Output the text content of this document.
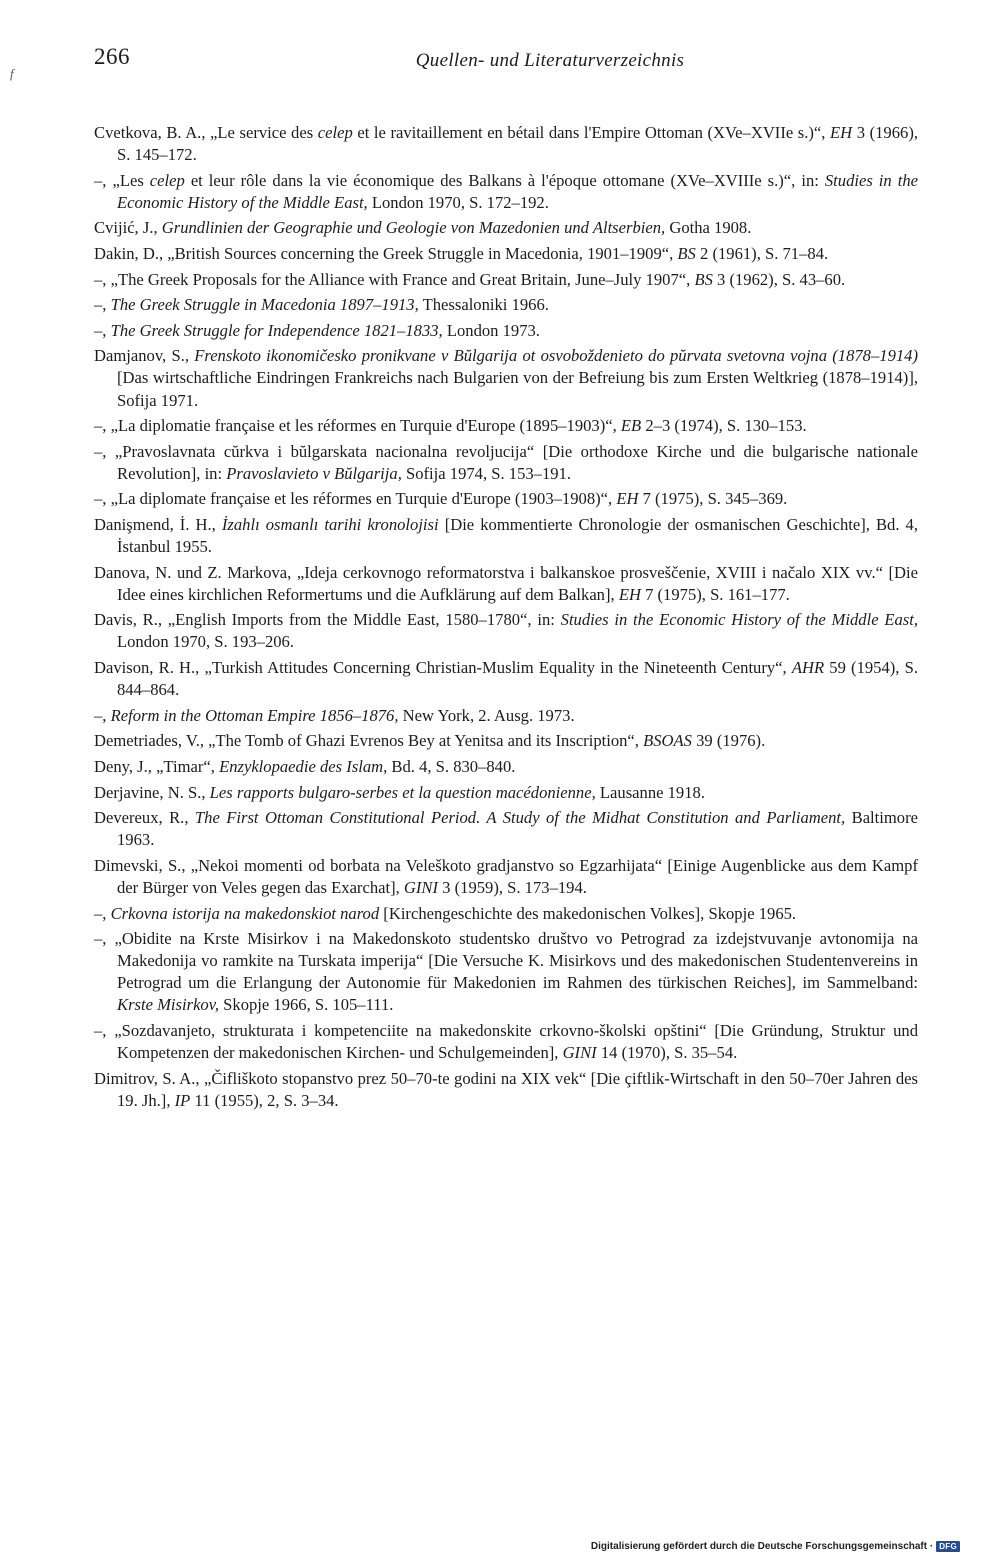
266	Quellen- und Literaturverzeichnis
f
Cvetkova, B. A., „Le service des celep et le ravitaillement en bétail dans l'Empire Ottoman (XVe–XVIIe s.)“, EH 3 (1966), S. 145–172.
–, „Les celep et leur rôle dans la vie économique des Balkans à l'époque ottomane (XVe–XVIIIe s.)“, in: Studies in the Economic History of the Middle East, London 1970, S. 172–192.
Cvijić, J., Grundlinien der Geographie und Geologie von Mazedonien und Altserbien, Gotha 1908.
Dakin, D., „British Sources concerning the Greek Struggle in Macedonia, 1901–1909“, BS 2 (1961), S. 71–84.
–, „The Greek Proposals for the Alliance with France and Great Britain, June–July 1907“, BS 3 (1962), S. 43–60.
–, The Greek Struggle in Macedonia 1897–1913, Thessaloniki 1966.
–, The Greek Struggle for Independence 1821–1833, London 1973.
Damjanov, S., Frenskoto ikonomičesko pronikvane v Bŭlgarija ot osvoboždenieto do pŭrvata svetovna vojna (1878–1914) [Das wirtschaftliche Eindringen Frankreichs nach Bulgarien von der Befreiung bis zum Ersten Weltkrieg (1878–1914)], Sofija 1971.
–, „La diplomatie française et les réformes en Turquie d'Europe (1895–1903)“, EB 2–3 (1974), S. 130–153.
–, „Pravoslavnata cŭrkva i bŭlgarskata nacionalna revoljucija“ [Die orthodoxe Kirche und die bulgarische nationale Revolution], in: Pravoslavieto v Bŭlgarija, Sofija 1974, S. 153–191.
–, „La diplomate française et les réformes en Turquie d'Europe (1903–1908)“, EH 7 (1975), S. 345–369.
Danişmend, İ. H., İzahlı osmanlı tarihi kronolojisi [Die kommentierte Chronologie der osmanischen Geschichte], Bd. 4, İstanbul 1955.
Danova, N. und Z. Markova, „Ideja cerkovnogo reformatorstva i balkanskoe prosveščenie, XVIII i načalo XIX vv.“ [Die Idee eines kirchlichen Reformertums und die Aufklärung auf dem Balkan], EH 7 (1975), S. 161–177.
Davis, R., „English Imports from the Middle East, 1580–1780“, in: Studies in the Economic History of the Middle East, London 1970, S. 193–206.
Davison, R. H., „Turkish Attitudes Concerning Christian-Muslim Equality in the Nineteenth Century“, AHR 59 (1954), S. 844–864.
–, Reform in the Ottoman Empire 1856–1876, New York, 2. Ausg. 1973.
Demetriades, V., „The Tomb of Ghazi Evrenos Bey at Yenitsa and its Inscription“, BSOAS 39 (1976).
Deny, J., „Timar“, Enzyklopaedie des Islam, Bd. 4, S. 830–840.
Derjavine, N. S., Les rapports bulgaro-serbes et la question macédonienne, Lausanne 1918.
Devereux, R., The First Ottoman Constitutional Period. A Study of the Midhat Constitution and Parliament, Baltimore 1963.
Dimevski, S., „Nekoi momenti od borbata na Veleškoto gradjanstvo so Egzarhijata“ [Einige Augenblicke aus dem Kampf der Bürger von Veles gegen das Exarchat], GINI 3 (1959), S. 173–194.
–, Crkovna istorija na makedonskiot narod [Kirchengeschichte des makedonischen Volkes], Skopje 1965.
–, „Obidite na Krste Misirkov i na Makedonskoto studentsko društvo vo Petrograd za izdejstvuvanje avtonomija na Makedonija vo ramkite na Turskata imperija“ [Die Versuche K. Misirkovs und des makedonischen Studentenvereins in Petrograd um die Erlangung der Autonomie für Makedonien im Rahmen des türkischen Reiches], im Sammelband: Krste Misirkov, Skopje 1966, S. 105–111.
–, „Sozdavanjeto, strukturata i kompetenciite na makedonskite crkovno-školski opštini“ [Die Gründung, Struktur und Kompetenzen der makedonischen Kirchen- und Schulgemeinden], GINI 14 (1970), S. 35–54.
Dimitrov, S. A., „Čifliškoto stopanstvo prez 50–70-te godini na XIX vek“ [Die çiftlik-Wirtschaft in den 50–70er Jahren des 19. Jh.], IP 11 (1955), 2, S. 3–34.
Digitalisierung gefördert durch die Deutsche Forschungsgemeinschaft · DFG
